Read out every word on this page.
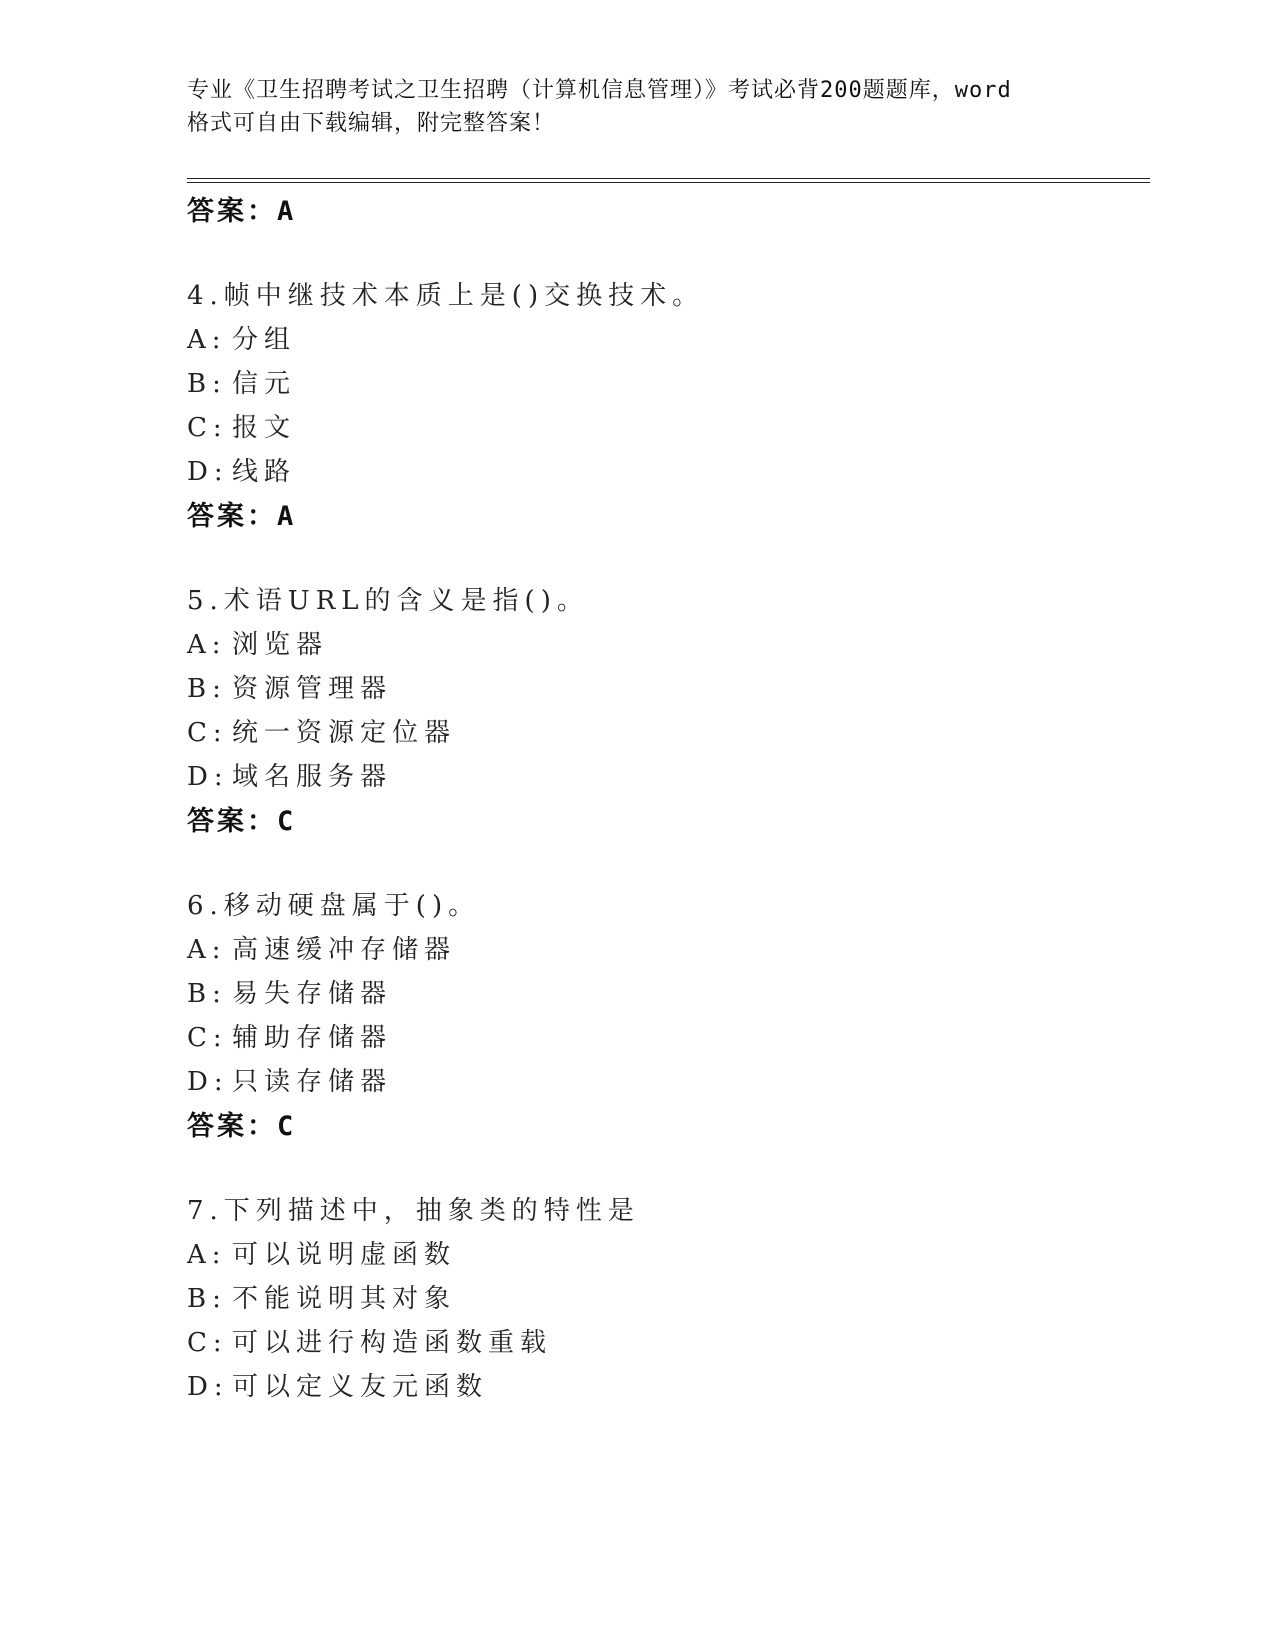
专业《卫生招聘考试之卫生招聘（计算机信息管理）》考试必背200题题库，word
格式可自由下载编辑，附完整答案！
答案：A
4.帧中继技术本质上是()交换技术。
A: 分组
B: 信元
C: 报文
D: 线路
答案：A
5.术语URL的含义是指()。
A: 浏览器
B: 资源管理器
C: 统一资源定位器
D: 域名服务器
答案：C
6.移动硬盘属于()。
A: 高速缓冲存储器
B: 易失存储器
C: 辅助存储器
D: 只读存储器
答案：C
7.下列描述中，抽象类的特性是
A: 可以说明虚函数
B: 不能说明其对象
C: 可以进行构造函数重载
D: 可以定义友元函数
